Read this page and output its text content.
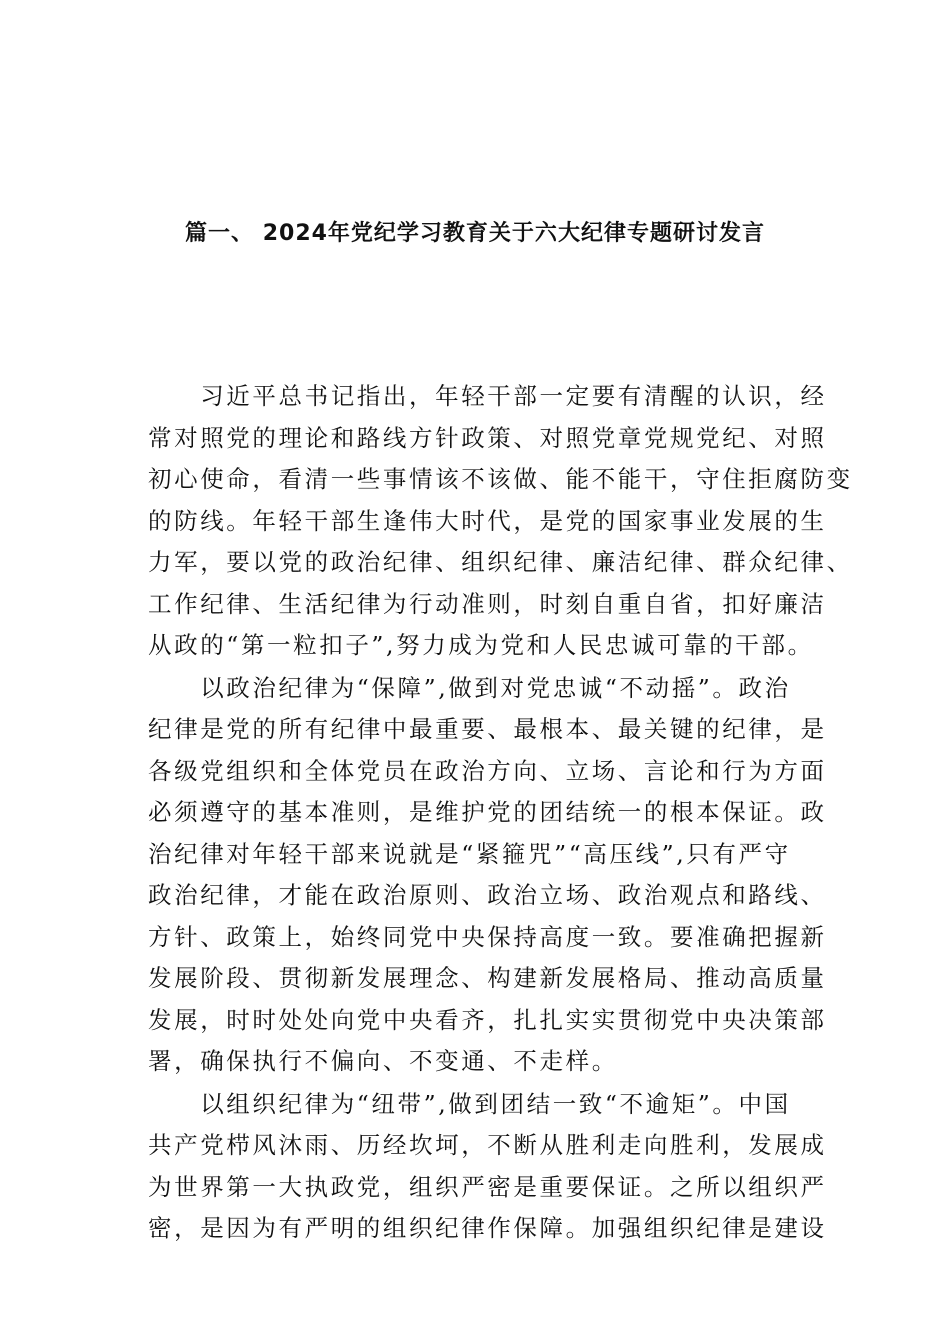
篇一、 2024年党纪学习教育关于六大纪律专题研讨发言
　　习近平总书记指出，年轻干部一定要有清醒的认识，经
常对照党的理论和路线方针政策、对照党章党规党纪、对照
初心使命，看清一些事情该不该做、能不能干，守住拒腐防变
的防线。年轻干部生逢伟大时代，是党的国家事业发展的生
力军，要以党的政治纪律、组织纪律、廉洁纪律、群众纪律、
工作纪律、生活纪律为行动准则，时刻自重自省，扣好廉洁
从政的“第一粒扣子”,努力成为党和人民忠诚可靠的干部。
　　以政治纪律为“保障”,做到对党忠诚“不动摇”。政治
纪律是党的所有纪律中最重要、最根本、最关键的纪律，是
各级党组织和全体党员在政治方向、立场、言论和行为方面
必须遵守的基本准则，是维护党的团结统一的根本保证。政
治纪律对年轻干部来说就是“紧箍咒”“高压线”,只有严守
政治纪律，才能在政治原则、政治立场、政治观点和路线、
方针、政策上，始终同党中央保持高度一致。要准确把握新
发展阶段、贯彻新发展理念、构建新发展格局、推动高质量
发展，时时处处向党中央看齐，扎扎实实贯彻党中央决策部
署，确保执行不偏向、不变通、不走样。
　　以组织纪律为“纽带”,做到团结一致“不逾矩”。中国
共产党栉风沐雨、历经坎坷，不断从胜利走向胜利，发展成
为世界第一大执政党，组织严密是重要保证。之所以组织严
密，是因为有严明的组织纪律作保障。加强组织纪律是建设
